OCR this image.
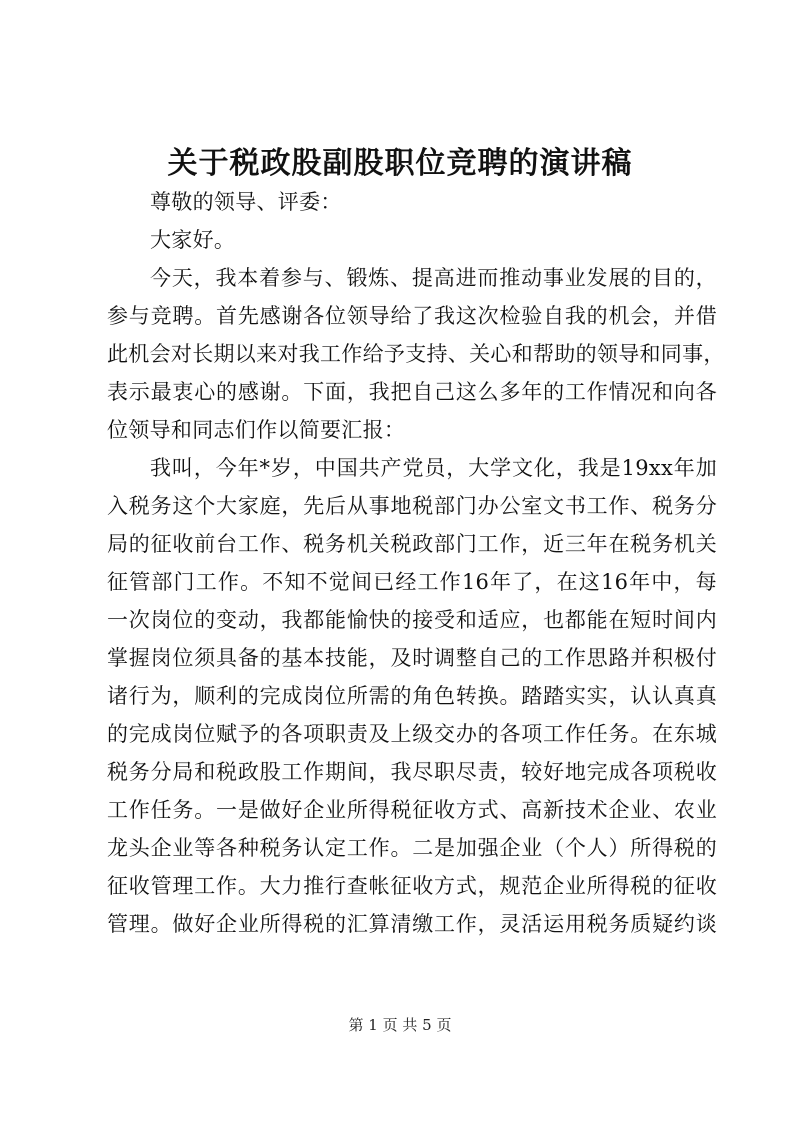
关于税政股副股职位竞聘的演讲稿
尊敬的领导、评委：
大家好。
今天，我本着参与、锻炼、提高进而推动事业发展的目的，
参与竞聘。首先感谢各位领导给了我这次检验自我的机会，并借
此机会对长期以来对我工作给予支持、关心和帮助的领导和同事，
表示最衷心的感谢。下面，我把自己这么多年的工作情况和向各
位领导和同志们作以简要汇报：
我叫，今年*岁，中国共产党员，大学文化，我是19xx年加
入税务这个大家庭，先后从事地税部门办公室文书工作、税务分
局的征收前台工作、税务机关税政部门工作，近三年在税务机关
征管部门工作。不知不觉间已经工作16年了，在这16年中，每
一次岗位的变动，我都能愉快的接受和适应，也都能在短时间内
掌握岗位须具备的基本技能，及时调整自己的工作思路并积极付
诸行为，顺利的完成岗位所需的角色转换。踏踏实实，认认真真
的完成岗位赋予的各项职责及上级交办的各项工作任务。在东城
税务分局和税政股工作期间，我尽职尽责，较好地完成各项税收
工作任务。一是做好企业所得税征收方式、高新技术企业、农业
龙头企业等各种税务认定工作。二是加强企业（个人）所得税的
征收管理工作。大力推行查帐征收方式，规范企业所得税的征收
管理。做好企业所得税的汇算清缴工作，灵活运用税务质疑约谈
第 1 页 共 5 页
